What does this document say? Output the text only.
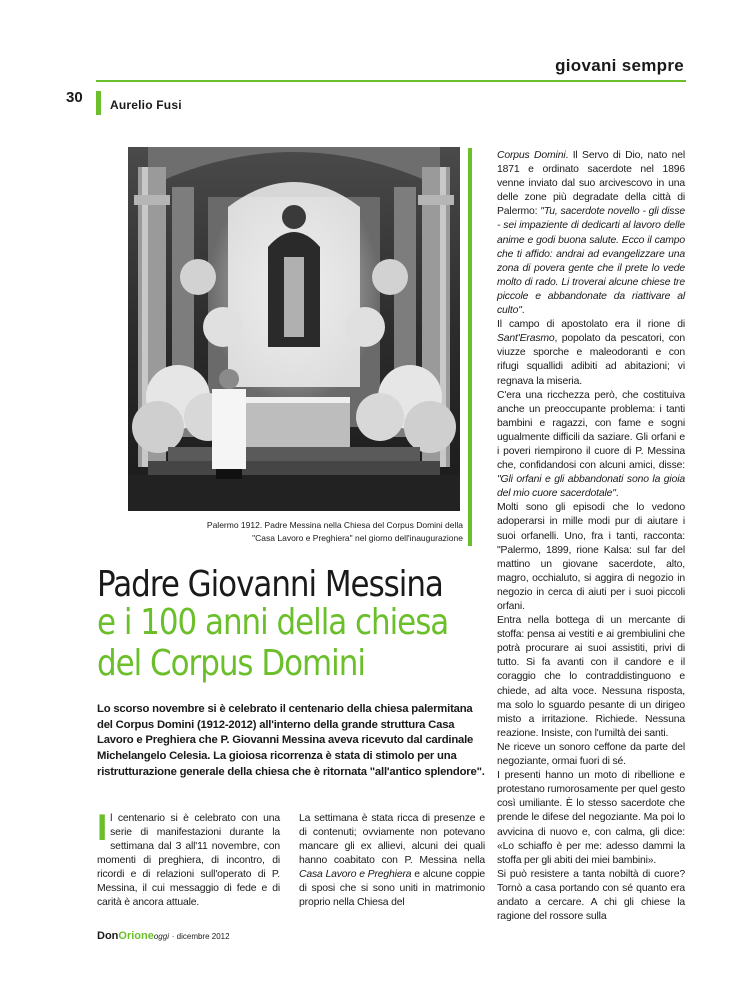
giovani sempre
30 Aurelio Fusi
Palermo 1912. Padre Messina nella Chiesa del Corpus Domini della
"Casa Lavoro e Preghiera" nel giorno dell'inaugurazione
Padre Giovanni Messina
e i 100 anni della chiesa
del Corpus Domini
Lo scorso novembre si è celebrato il centenario della chiesa palermitana del Corpus Domini (1912-2012) all'interno della grande struttura Casa Lavoro e Preghiera che P. Giovanni Messina aveva ricevuto dal cardinale Michelangelo Celesia. La gioiosa ricorrenza è stata di stimolo per una ristrutturazione generale della chiesa che è ritornata "all'antico splendore".

Il centenario si è celebrato con una serie di manifestazioni durante la settimana dal 3 all'11 novembre, con momenti di preghiera, di incontro, di ricordi e di relazioni sull'operato di P. Messina, il cui messaggio di fede e di carità è ancora attuale.

La settimana è stata ricca di presenze e di contenuti; ovviamente non potevano mancare gli ex allievi, alcuni dei quali hanno coabitato con P. Messina nella Casa Lavoro e Preghiera e alcune coppie di sposi che si sono uniti in matrimonio proprio nella Chiesa del

Corpus Domini. Il Servo di Dio, nato nel 1871 e ordinato sacerdote nel 1896 venne inviato dal suo arcivescovo in una delle zone più degradate della città di Palermo: "Tu, sacerdote novello - gli disse - sei impaziente di dedicarti al lavoro delle anime e godi buona salute. Ecco il campo che ti affido: andrai ad evangelizzare una zona di povera gente che il prete lo vede molto di rado. Li troverai alcune chiese tre piccole e abbandonate da riattivare al culto".

Il campo di apostolato era il rione di Sant'Erasmo, popolato da pescatori, con viuzze sporche e maleodoranti e con rifugi squallidi adibiti ad abitazioni; vi regnava la miseria.

C'era una ricchezza però, che costituiva anche un preoccupante problema: i tanti bambini e ragazzi, con fame e sogni ugualmente difficili da saziare. Gli orfani e i poveri riempirono il cuore di P. Messina che, confidandosi con alcuni amici, disse: "Gli orfani e gli abbandonati sono la gioia del mio cuore sacerdotale".

Molti sono gli episodi che lo vedono adoperarsi in mille modi pur di aiutare i suoi orfanelli. Uno, fra i tanti, racconta: "Palermo, 1899, rione Kalsa: sul far del mattino un giovane sacerdote, alto, magro, occhialuto, si aggira di negozio in negozio in cerca di aiuti per i suoi piccoli orfani.

Entra nella bottega di un mercante di stoffa: pensa ai vestiti e ai grembiulini che potrà procurare ai suoi assistiti, privi di tutto. Si fa avanti con il candore e il coraggio che lo contraddistinguono e chiede, ad alta voce. Nessuna risposta, ma solo lo sguardo pesante di un dirigeo misto a irritazione. Richiede. Nessuna reazione. Insiste, con l'umiltà dei santi.

Ne riceve un sonoro ceffone da parte del negoziante, ormai fuori di sé.

I presenti hanno un moto di ribellione e protestano rumorosamente per quel gesto così umiliante. È lo stesso sacerdote che prende le difese del negoziante. Ma poi lo avvicina di nuovo e, con calma, gli dice: «Lo schiaffo è per me: adesso dammi la stoffa per gli abiti dei miei bambini».

Si può resistere a tanta nobiltà di cuore? Tornò a casa portando con sé quanto era andato a cercare. A chi gli chiese la ragione del rossore sulla

DonOrioneoggi · dicembre 2012
